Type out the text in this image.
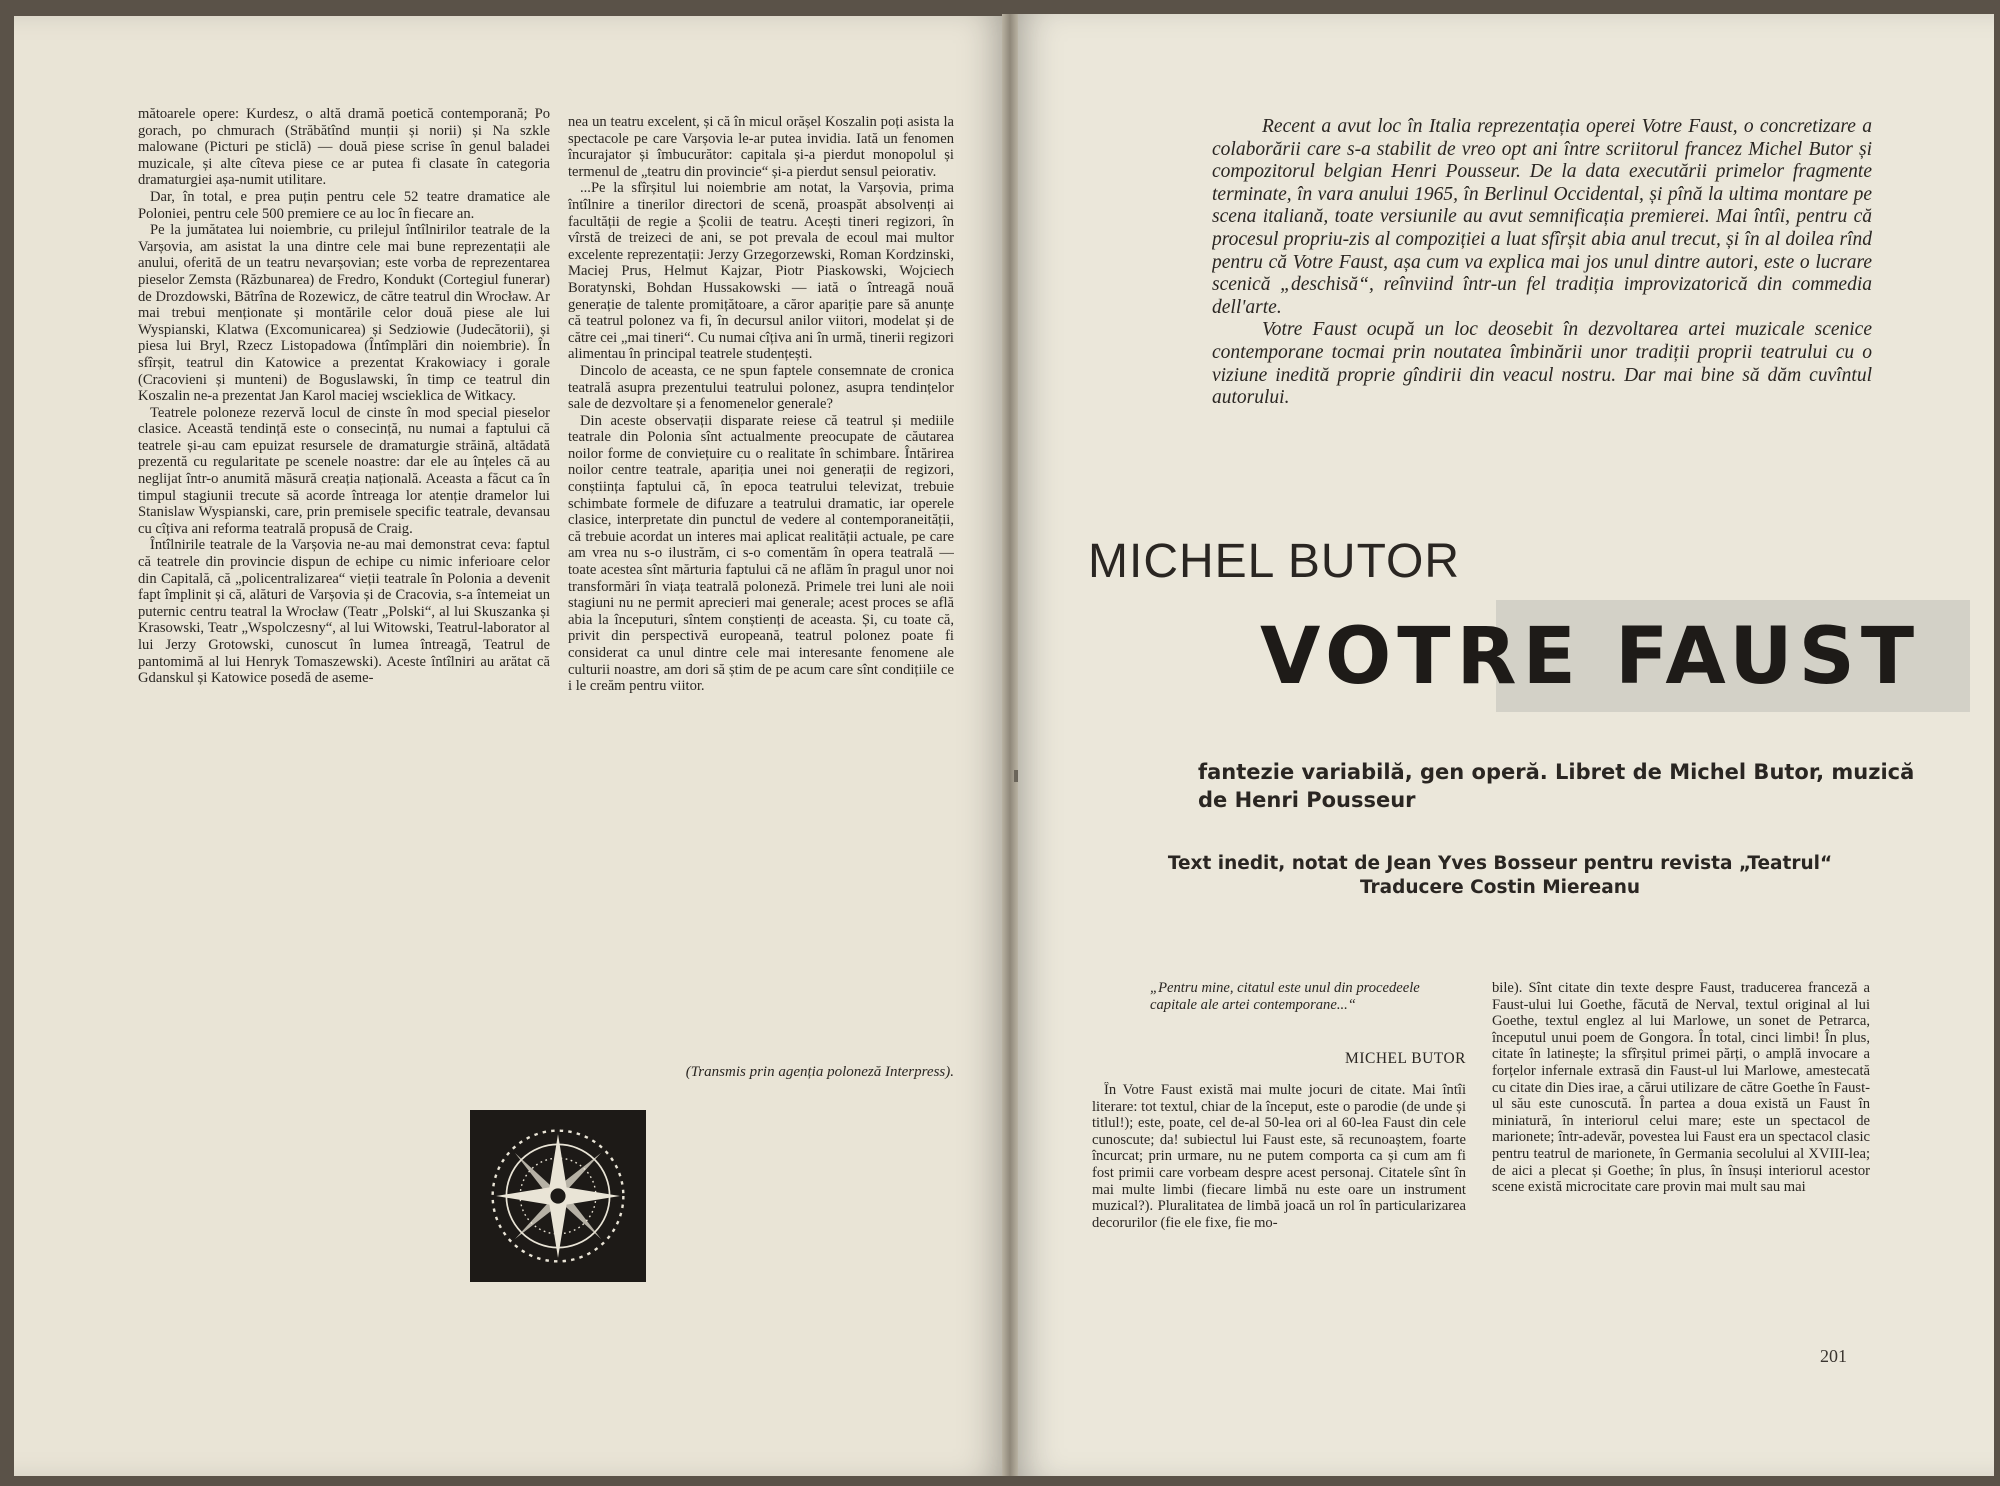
mătoarele opere: Kurdesz, o altă dramă poetică contemporană; Po gorach, po chmurach (Străbătînd munții și norii) și Na szkle malowane (Picturi pe sticlă) — două piese scrise în genul baladei muzicale, și alte cîteva piese ce ar putea fi clasate în categoria dramaturgiei așa-numit utilitare.

Dar, în total, e prea puțin pentru cele 52 teatre dramatice ale Poloniei, pentru cele 500 premiere ce au loc în fiecare an.

Pe la jumătatea lui noiembrie, cu prilejul întîlnirilor teatrale de la Varșovia, am asistat la una dintre cele mai bune reprezentații ale anului, oferită de un teatru nevarșovian; este vorba de reprezentarea pieselor Zemsta (Răzbunarea) de Fredro, Kondukt (Cortegiul funerar) de Drozdowski, Bătrîna de Rozewicz, de către teatrul din Wrocław. Ar mai trebui menționate și montările celor două piese ale lui Wyspianski, Klatwa (Excomunicarea) și Sedziowie (Judecătorii), și piesa lui Bryl, Rzecz Listopadowa (Întîmplări din noiembrie). În sfîrșit, teatrul din Katowice a prezentat Krakowiacy i gorale (Cracovieni și munteni) de Boguslawski, în timp ce teatrul din Koszalin ne-a prezentat Jan Karol maciej wscieklica de Witkacy.

Teatrele poloneze rezervă locul de cinste în mod special pieselor clasice. Această tendință este o consecință, nu numai a faptului că teatrele și-au cam epuizat resursele de dramaturgie străină, altădată prezentă cu regularitate pe scenele noastre: dar ele au înțeles că au neglijat într-o anumită măsură creația națională. Aceasta a făcut ca în timpul stagiunii trecute să acorde întreaga lor atenție dramelor lui Stanislaw Wyspianski, care, prin premisele specific teatrale, devansau cu cîțiva ani reforma teatrală propusă de Craig.

Întîlnirile teatrale de la Varșovia ne-au mai demonstrat ceva: faptul că teatrele din provincie dispun de echipe cu nimic inferioare celor din Capitală, că „policentralizarea“ vieții teatrale în Polonia a devenit fapt împlinit și că, alături de Varșovia și de Cracovia, s-a întemeiat un puternic centru teatral la Wrocław (Teatr „Polski“, al lui Skuszanka și Krasowski, Teatr „Wspolczesny“, al lui Witowski, Teatrul-laborator al lui Jerzy Grotowski, cunoscut în lumea întreagă, Teatrul de pantomimă al lui Henryk Tomaszewski). Aceste întîlniri au arătat că Gdanskul și Katowice posedă de aseme-

nea un teatru excelent, și că în micul orășel Koszalin poți asista la spectacole pe care Varșovia le-ar putea invidia. Iată un fenomen încurajator și îmbucurător: capitala și-a pierdut monopolul și termenul de „teatru din provincie“ și-a pierdut sensul peiorativ.

...Pe la sfîrșitul lui noiembrie am notat, la Varșovia, prima întîlnire a tinerilor directori de scenă, proaspăt absolvenți ai facultății de regie a Școlii de teatru. Acești tineri regizori, în vîrstă de treizeci de ani, se pot prevala de ecoul mai multor excelente reprezentații: Jerzy Grzegorzewski, Roman Kordzinski, Maciej Prus, Helmut Kajzar, Piotr Piaskowski, Wojciech Boratynski, Bohdan Hussakowski — iată o întreagă nouă generație de talente promițătoare, a căror apariție pare să anunțe că teatrul polonez va fi, în decursul anilor viitori, modelat și de către cei „mai tineri“. Cu numai cîțiva ani în urmă, tinerii regizori alimentau în principal teatrele studențești.

Dincolo de aceasta, ce ne spun faptele consemnate de cronica teatrală asupra prezentului teatrului polonez, asupra tendințelor sale de dezvoltare și a fenomenelor generale?

Din aceste observații disparate reiese că teatrul și mediile teatrale din Polonia sînt actualmente preocupate de căutarea noilor forme de conviețuire cu o realitate în schimbare. Întărirea noilor centre teatrale, apariția unei noi generații de regizori, conștiința faptului că, în epoca teatrului televizat, trebuie schimbate formele de difuzare a teatrului dramatic, iar operele clasice, interpretate din punctul de vedere al contemporaneității, că trebuie acordat un interes mai aplicat realității actuale, pe care am vrea nu s-o ilustrăm, ci s-o comentăm în opera teatrală — toate acestea sînt mărturia faptului că ne aflăm în pragul unor noi transformări în viața teatrală poloneză. Primele trei luni ale noii stagiuni nu ne permit aprecieri mai generale; acest proces se află abia la începuturi, sîntem conștienți de aceasta. Și, cu toate că, privit din perspectivă europeană, teatrul polonez poate fi considerat ca unul dintre cele mai interesante fenomene ale culturii noastre, am dori să știm de pe acum care sînt condițiile ce i le creăm pentru viitor.

(Transmis prin agenția poloneză Interpress).

Recent a avut loc în Italia reprezentația operei Votre Faust, o concretizare a colaborării care s-a stabilit de vreo opt ani între scriitorul francez Michel Butor și compozitorul belgian Henri Pousseur. De la data executării primelor fragmente terminate, în vara anului 1965, în Berlinul Occidental, și pînă la ultima montare pe scena italiană, toate versiunile au avut semnificația premierei. Mai întîi, pentru că procesul propriu-zis al compoziției a luat sfîrșit abia anul trecut, și în al doilea rînd pentru că Votre Faust, așa cum va explica mai jos unul dintre autori, este o lucrare scenică „deschisă“, reînviind într-un fel tradiția improvizatorică din commedia dell'arte.

Votre Faust ocupă un loc deosebit în dezvoltarea artei muzicale scenice contemporane tocmai prin noutatea îmbinării unor tradiții proprii teatrului cu o viziune inedită proprie gîndirii din veacul nostru. Dar mai bine să dăm cuvîntul autorului.

MICHEL BUTOR
VOTRE FAUST
fantezie variabilă, gen operă. Libret de Michel Butor, muzică de Henri Pousseur
Text inedit, notat de Jean Yves Bosseur pentru revista „Teatrul“
Traducere Costin Miereanu
„Pentru mine, citatul este unul din procedeele capitale ale artei contemporane...“
MICHEL BUTOR

În Votre Faust există mai multe jocuri de citate. Mai întîi literare: tot textul, chiar de la început, este o parodie (de unde și titlul!); este, poate, cel de-al 50-lea ori al 60-lea Faust din cele cunoscute; da! subiectul lui Faust este, să recunoaștem, foarte încurcat; prin urmare, nu ne putem comporta ca și cum am fi fost primii care vorbeam despre acest personaj. Citatele sînt în mai multe limbi (fiecare limbă nu este oare un instrument muzical?). Pluralitatea de limbă joacă un rol în particularizarea decorurilor (fie ele fixe, fie mo-

bile). Sînt citate din texte despre Faust, traducerea franceză a Faust-ului lui Goethe, făcută de Nerval, textul original al lui Goethe, textul englez al lui Marlowe, un sonet de Petrarca, începutul unui poem de Gongora. În total, cinci limbi! În plus, citate în latinește; la sfîrșitul primei părți, o amplă invocare a forțelor infernale extrasă din Faust-ul lui Marlowe, amestecată cu citate din Dies irae, a cărui utilizare de către Goethe în Faust-ul său este cunoscută. În partea a doua există un Faust în miniatură, în interiorul celui mare; este un spectacol de marionete; într-adevăr, povestea lui Faust era un spectacol clasic pentru teatrul de marionete, în Germania secolului al XVIII-lea; de aici a plecat și Goethe; în plus, în însuși interiorul acestor scene există microcitate care provin mai mult sau mai

201
